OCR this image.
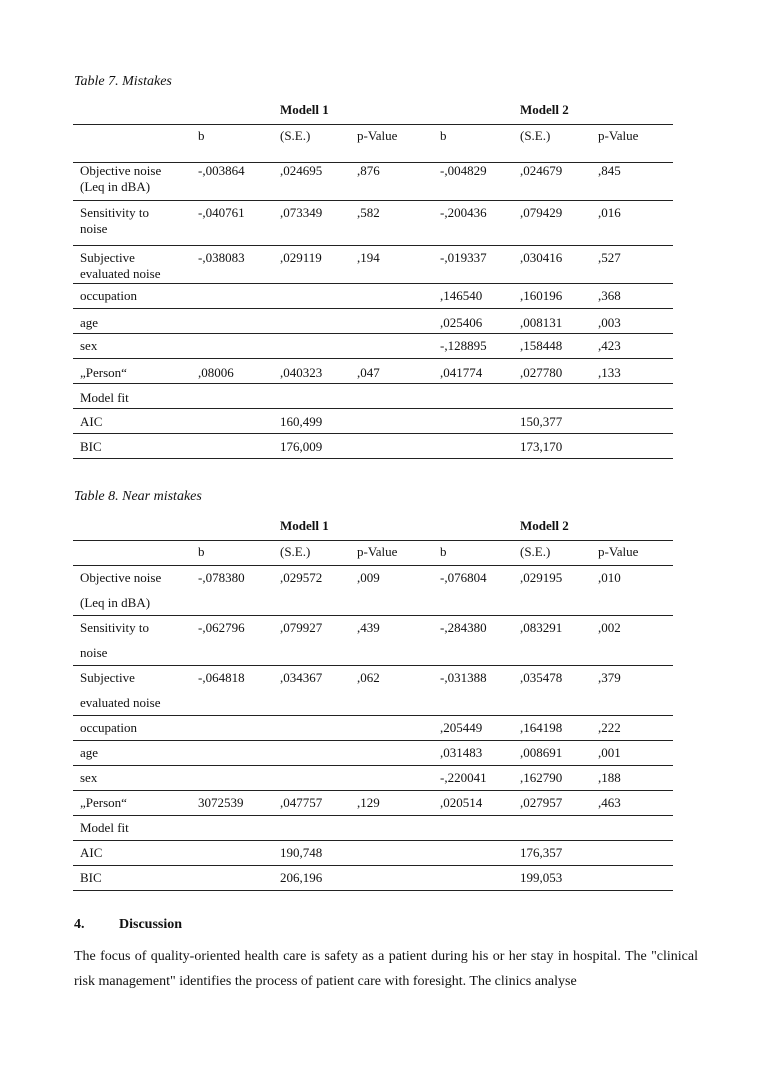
Table 7. Mistakes
		Modell 1			Modell 2	
	b	(S.E.)	p-Value	b	(S.E.)	p-Value

Objective noise
(Leq in dBA)	-,003864	,024695	,876	-,004829	,024679	,845

Sensitivity to
noise	-,040761	,073349	,582	-,200436	,079429	,016

Subjective
evaluated noise	-,038083	,029119	,194	-,019337	,030416	,527

occupation				,146540	,160196	,368

age				,025406	,008131	,003

sex				-,128895	,158448	,423

„Person“	,08006	,040323	,047	,041774	,027780	,133

Model fit						

AIC		160,499			150,377	

BIC		176,009			173,170	
Table 8. Near mistakes
		Modell 1			Modell 2	
	b	(S.E.)	p-Value	b	(S.E.)	p-Value

Objective noise
(Leq in dBA)	-,078380	,029572	,009	-,076804	,029195	,010

Sensitivity to
noise	-,062796	,079927	,439	-,284380	,083291	,002

Subjective
evaluated noise	-,064818	,034367	,062	-,031388	,035478	,379

occupation				,205449	,164198	,222

age				,031483	,008691	,001

sex				-,220041	,162790	,188

„Person“	3072539	,047757	,129	,020514	,027957	,463

Model fit						

AIC		190,748			176,357	

BIC		206,196			199,053	
4. Discussion
The focus of quality-oriented health care is safety as a patient during his or her stay in hospital. The "clinical risk management" identifies the process of patient care with foresight. The clinics analyse
